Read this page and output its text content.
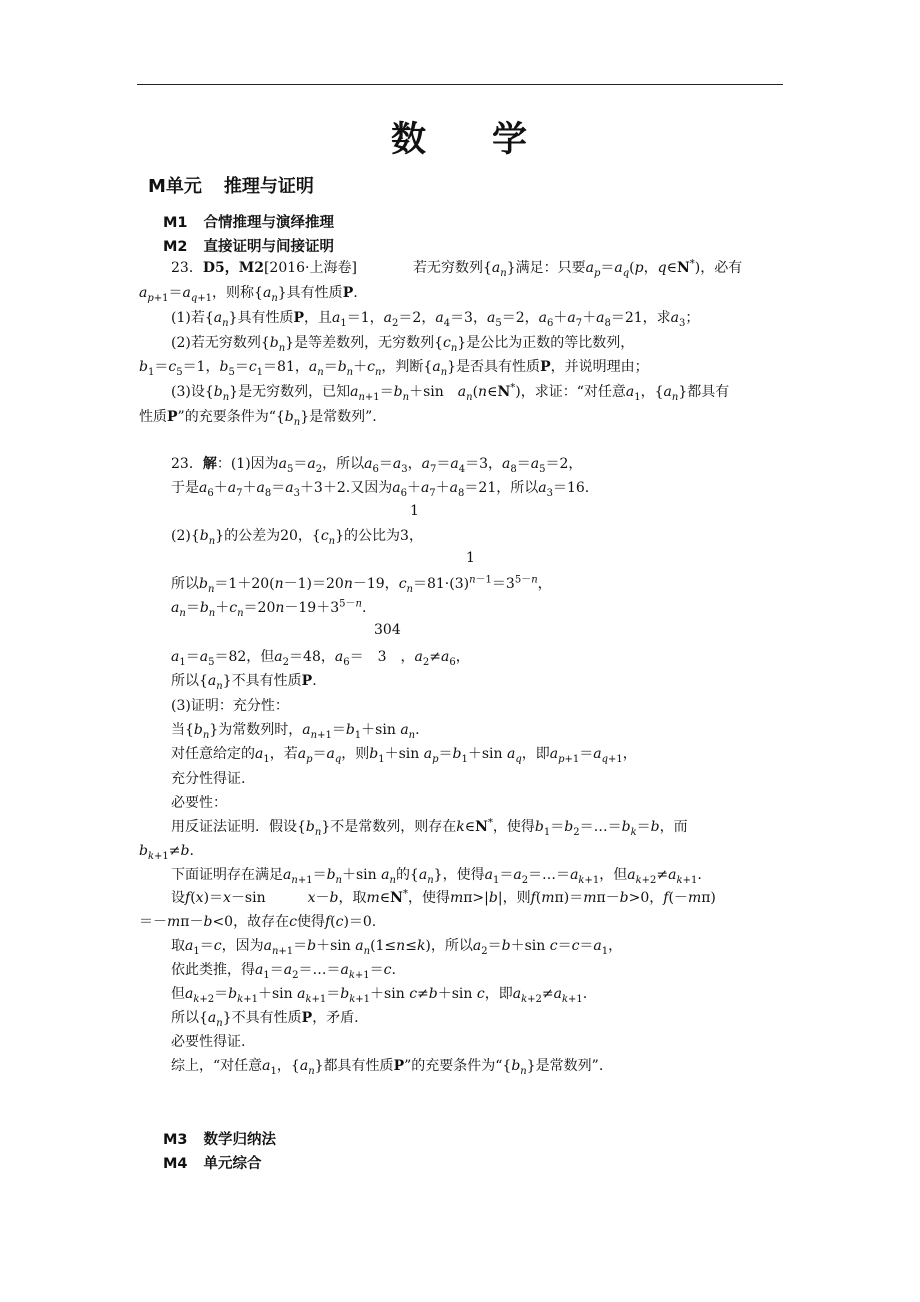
数 学
M单元 推理与证明
M1 合情推理与演绎推理
M2 直接证明与间接证明
23．D5，M2[2016·上海卷]　　　　若无穷数列$\{a_n\}$满足：只要$a_p=a_q(p$，q∈N*)，必有
$a_{p+1}=a_{q+1}$，则称$\{a_n\}$具有性质P.
(1)若$\{a_n\}$具有性质P，且$a_1=1$，$a_2=2$，$a_4=3$，$a_5=2$，$a_6+a_7+a_8=21$，求$a_3$；
(2)若无穷数列$\{b_n\}$是等差数列，无穷数列$\{c_n\}$是公比为正数的等比数列，
$b_1=c_5=1$，$b_5=c_1=81$，$a_n=b_n+c_n$，判断$\{a_n\}$是否具有性质P，并说明理由；
(3)设$\{b_n\}$是无穷数列，已知$a_{n+1}=b_n+\sin$　$a_n(n\in N^*)$，求证：“对任意$a_1$，$\{a_n\}$都具有
性质P”的充要条件为“$\{b_n\}$是常数列”.
23．解：(1)因为$a_5=a_2$，所以$a_6=a_3$，$a_7=a_4=3$，$a_8=a_5=2$，
于是$a_6+a_7+a_8=a_3+3+2$.又因为$a_6+a_7+a_8=21$，所以$a_3=16$.
1
$(2)\{b_n\}$的公差为20，$\{c_n\}$的公比为3，
1
所以$b_n=1+20(n-1)=20n-19$，$c_n=81\cdot(3)^{n-1}=3^{5-n}$，
$a_n=b_n+c_n=20n-19+3^{5-n}$.
304
$a_1=a_5=82$，但$a_2=48$，$a_6=$　3　，$a_2\ne a_6$，
所以$\{a_n\}$不具有性质P.
(3)证明：充分性：
当$\{b_n\}$为常数列时，$a_{n+1}=b_1+\sin$ $a_n$.
对任意给定的$a_1$，若$a_p=a_q$，则$b_1+\sin$ $a_p=b_1+\sin$ $a_q$，即$a_{p+1}=a_{q+1}$，
充分性得证.
必要性：
用反证法证明．假设$\{b_n\}$不是常数列，则存在k∈N*，使得$b_1=b_2=\dots=b_k=b$，而
$b_{k+1}\ne b$.
下面证明存在满足$a_{n+1}=b_n+\sin$ $a_n$的$\{a_n\}$，使得$a_1=a_2=\dots=a_{k+1}$，但$a_{k+2}\ne a_{k+1}$.
设f(x)＝x－sin　　　x－b，取m∈N*，使得mπ>|b|，则f(mπ)＝mπ－b>0，f(－mπ)
＝－mπ－b<0，故存在c使得f(c)＝0.
取$a_1=c$，因为$a_{n+1}=b+\sin$ $a_n(1\le n\le k)$，所以$a_2=b+\sin$ $c=c=a_1$，
依此类推，得$a_1=a_2=\dots=a_{k+1}=c$.
但$a_{k+2}=b_{k+1}+\sin$ $a_{k+1}=b_{k+1}+\sin$ c≠b＋sin c，即$a_{k+2}\ne a_{k+1}$.
所以$\{a_n\}$不具有性质P，矛盾.
必要性得证.
综上，“对任意$a_1$，$\{a_n\}$都具有性质P”的充要条件为“$\{b_n\}$是常数列”.
M3 数学归纳法
M4 单元综合
